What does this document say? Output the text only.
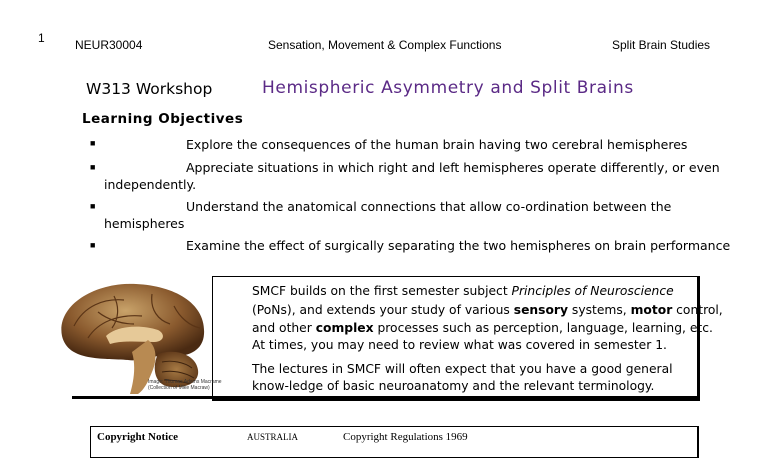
1	NEUR30004	Sensation, Movement & Complex Functions	Split Brain Studies
W313 Workshop	Hemispheric Asymmetry and Split Brains
Learning Objectives
■	Explore the consequences of the human brain having two cerebral hemispheres
■	Appreciate situations in which right and left hemispheres operate differently, or even
independently.
■	Understand the anatomical connections that allow co-ordination between the
hemispheres
■	Examine the effect of surgically separating the two hemispheres on brain performance
Image: Thomas Adams Macrame
(Collection of Mike Macraw)
SMCF builds on the first semester subject Principles of Neuroscience
(PoNs), and extends your study of various sensory systems, motor control,
and other complex processes such as perception, language, learning, etc.
At times, you may need to review what was covered in semester 1.
The lectures in SMCF will often expect that you have a good general
know-ledge of basic neuroanatomy and the relevant terminology.
Copyright Notice	AUSTRALIA	Copyright Regulations 1969
